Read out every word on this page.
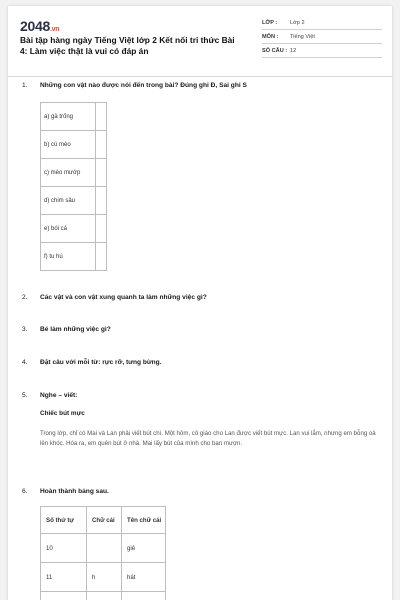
2048.vn
Bài tập hàng ngày Tiếng Việt lớp 2 Kết nối tri thức Bài 4: Làm việc thật là vui có đáp án
LỚP : Lớp 2
MÔN : Tiếng Việt
SỐ CÂU : 12
1. Những con vật nào được nói đến trong bài? Đúng ghi Đ, Sai ghi S
a) gà trống	
b) cú mèo	
c) mèo mướp	
d) chim sâu	
e) bói cá	
f) tu hú	
2. Các vật và con vật xung quanh ta làm những việc gì?
3. Bé làm những việc gì?
4. Đặt câu với mỗi từ: rực rỡ, tưng bừng.
5. Nghe – viết:
Chiếc bút mực
Trong lớp, chỉ có Mai và Lan phải viết bút chì. Một hôm, cô giáo cho Lan được viết bút mực. Lan vui lắm, nhưng em bỗng oà lên khóc. Hóa ra, em quên bút ở nhà. Mai lấy bút của mình cho bạn mượn.
6. Hoàn thành bảng sau.
Số thứ tự	Chữ cái	Tên chữ cái
10		giê
11	h	hát
